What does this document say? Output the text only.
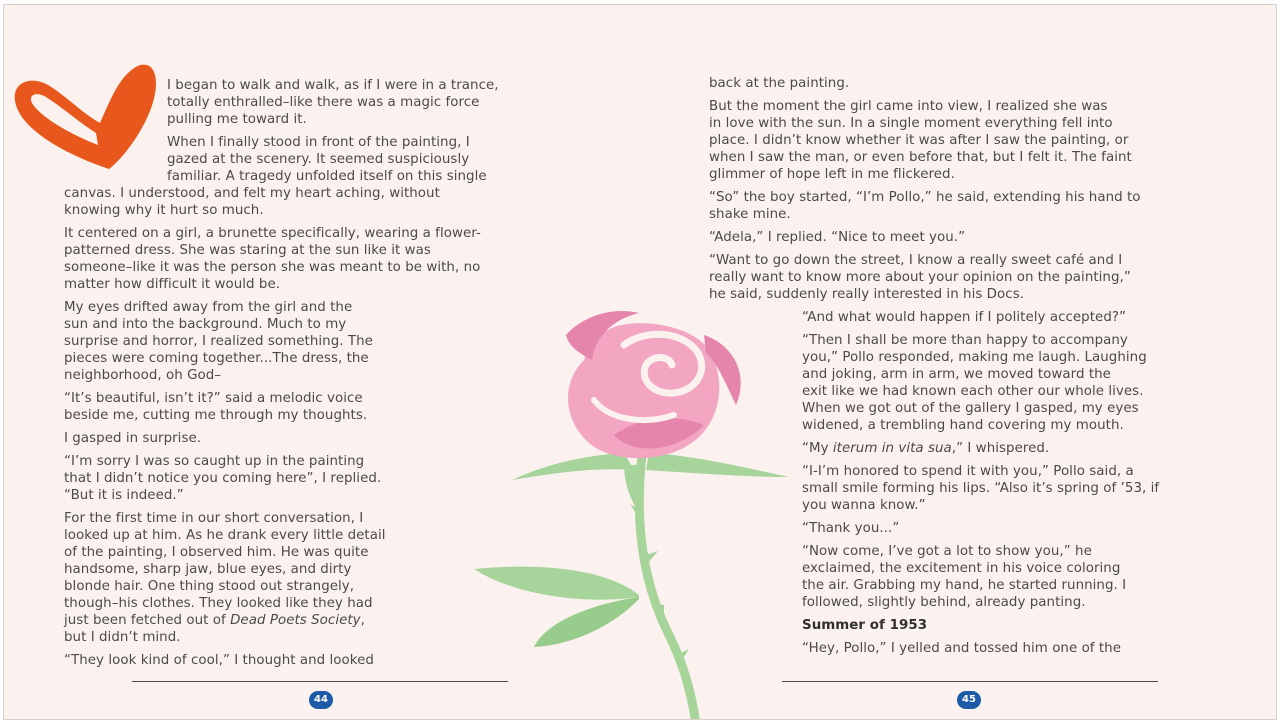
I began to walk and walk, as if I were in a trance,
totally enthralled–like there was a magic force
pulling me toward it.

When I finally stood in front of the painting, I
gazed at the scenery. It seemed suspiciously
familiar. A tragedy unfolded itself on this single
canvas. I understood, and felt my heart aching, without
knowing why it hurt so much.

It centered on a girl, a brunette specifically, wearing a flower-
patterned dress. She was staring at the sun like it was
someone–like it was the person she was meant to be with, no
matter how difficult it would be.

My eyes drifted away from the girl and the
sun and into the background. Much to my
surprise and horror, I realized something. The
pieces were coming together...The dress, the
neighborhood, oh God–

“It’s beautiful, isn’t it?” said a melodic voice
beside me, cutting me through my thoughts.

I gasped in surprise.

“I’m sorry I was so caught up in the painting
that I didn’t notice you coming here”, I replied.
“But it is indeed.”

For the first time in our short conversation, I
looked up at him. As he drank every little detail
of the painting, I observed him. He was quite
handsome, sharp jaw, blue eyes, and dirty
blonde hair. One thing stood out strangely,
though–his clothes. They looked like they had
just been fetched out of Dead Poets Society,
but I didn’t mind.

“They look kind of cool,” I thought and looked

back at the painting.

But the moment the girl came into view, I realized she was
in love with the sun. In a single moment everything fell into
place. I didn’t know whether it was after I saw the painting, or
when I saw the man, or even before that, but I felt it. The faint
glimmer of hope left in me flickered.

“So” the boy started, “I’m Pollo,” he said, extending his hand to
shake mine.

“Adela,” I replied. “Nice to meet you.”

“Want to go down the street, I know a really sweet café and I
really want to know more about your opinion on the painting,”
he said, suddenly really interested in his Docs.

“And what would happen if I politely accepted?”

“Then I shall be more than happy to accompany
you,” Pollo responded, making me laugh. Laughing
and joking, arm in arm, we moved toward the
exit like we had known each other our whole lives.
When we got out of the gallery I gasped, my eyes
widened, a trembling hand covering my mouth.

“My iterum in vita sua,” I whispered.

“I-I’m honored to spend it with you,” Pollo said, a
small smile forming his lips. “Also it’s spring of ’53, if
you wanna know.”

“Thank you...”

“Now come, I’ve got a lot to show you,” he
exclaimed, the excitement in his voice coloring
the air. Grabbing my hand, he started running. I
followed, slightly behind, already panting.

Summer of 1953

“Hey, Pollo,” I yelled and tossed him one of the

44	45
